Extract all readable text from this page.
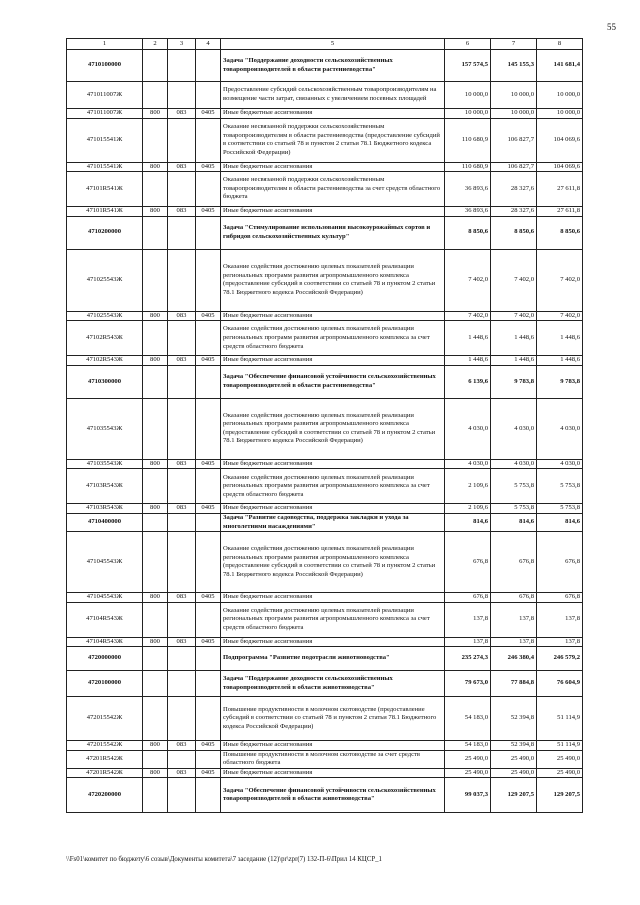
55
1	2	3	4	5	6	7	8
4710100000				Задача "Поддержание доходности сельскохозяйственных товаропроизводителей в области растениеводства"	157 574,5	145 155,3	141 681,4
471011007Ж				Предоставление субсидий сельскохозяйственным товаропроизводителям на возмещение части затрат, связанных с увеличением посевных площадей	10 000,0	10 000,0	10 000,0
471011007Ж	800	083	0405	Иные бюджетные ассигнования	10 000,0	10 000,0	10 000,0
471015541Ж				Оказание несвязанной поддержки сельскохозяйственным товаропроизводителям в области растениеводства (предоставление субсидий в соответствии со статьей 78 и пунктом 2 статьи 78.1 Бюджетного кодекса Российской Федерации)	110 680,9	106 827,7	104 069,6
471015541Ж	800	083	0405	Иные бюджетные ассигнования	110 680,9	106 827,7	104 069,6
47101R541Ж				Оказание несвязанной поддержки сельскохозяйственным товаропроизводителям в области растениеводства за счет средств областного бюджета	36 893,6	28 327,6	27 611,8
47101R541Ж	800	083	0405	Иные бюджетные ассигнования	36 893,6	28 327,6	27 611,8
4710200000				Задача "Стимулирование использования высокоурожайных сортов и гибридов сельскохозяйственных культур"	8 850,6	8 850,6	8 850,6
471025543Ж				Оказание содействия достижению целевых показателей реализации региональных программ развития агропромышленного комплекса (предоставление субсидий в соответствии со статьей 78 и пунктом 2 статьи 78.1 Бюджетного кодекса Российской Федерации)	7 402,0	7 402,0	7 402,0
471025543Ж	800	083	0405	Иные бюджетные ассигнования	7 402,0	7 402,0	7 402,0
47102R543Ж				Оказание содействия достижению целевых показателей реализации региональных программ развития агропромышленного комплекса за счет средств областного бюджета	1 448,6	1 448,6	1 448,6
47102R543Ж	800	083	0405	Иные бюджетные ассигнования	1 448,6	1 448,6	1 448,6
4710300000				Задача "Обеспечение финансовой устойчивости сельскохозяйственных товаропроизводителей в области растениеводства"	6 139,6	9 783,8	9 783,8
471035543Ж				Оказание содействия достижению целевых показателей реализации региональных программ развития агропромышленного комплекса (предоставление субсидий в соответствии со статьей 78 и пунктом 2 статьи 78.1 Бюджетного кодекса Российской Федерации)	4 030,0	4 030,0	4 030,0
471035543Ж	800	083	0405	Иные бюджетные ассигнования	4 030,0	4 030,0	4 030,0
47103R543Ж				Оказание содействия достижению целевых показателей реализации региональных программ развития агропромышленного комплекса за счет средств областного бюджета	2 109,6	5 753,8	5 753,8
47103R543Ж	800	083	0405	Иные бюджетные ассигнования	2 109,6	5 753,8	5 753,8
4710400000				Задача "Развитие садоводства, поддержка закладки и ухода за многолетними насаждениями"	814,6	814,6	814,6
471045543Ж				Оказание содействия достижению целевых показателей реализации региональных программ развития агропромышленного комплекса (предоставление субсидий в соответствии со статьей 78 и пунктом 2 статьи 78.1 Бюджетного кодекса Российской Федерации)	676,8	676,8	676,8
471045543Ж	800	083	0405	Иные бюджетные ассигнования	676,8	676,8	676,8
47104R543Ж				Оказание содействия достижению целевых показателей реализации региональных программ развития агропромышленного комплекса за счет средств областного бюджета	137,8	137,8	137,8
47104R543Ж	800	083	0405	Иные бюджетные ассигнования	137,8	137,8	137,8
4720000000				Подпрограмма "Развитие подотрасли животноводства"	235 274,3	246 380,4	246 579,2
4720100000				Задача "Поддержание доходности сельскохозяйственных товаропроизводителей в области животноводства"	79 673,0	77 884,8	76 604,9
472015542Ж				Повышение продуктивности в молочном скотоводстве (предоставление субсидий в соответствии со статьей 78 и пунктом 2 статьи 78.1 Бюджетного кодекса Российской Федерации)	54 183,0	52 394,8	51 114,9
472015542Ж	800	083	0405	Иные бюджетные ассигнования	54 183,0	52 394,8	51 114,9
47201R542Ж				Повышение продуктивности в молочном скотоводстве за счет средств областного бюджета	25 490,0	25 490,0	25 490,0
47201R542Ж	800	083	0405	Иные бюджетные ассигнования	25 490,0	25 490,0	25 490,0
4720200000				Задача "Обеспечение финансовой устойчивости сельскохозяйственных товаропроизводителей в области животноводства"	99 037,3	129 207,5	129 207,5
\\Fs01\комитет по бюджету\6 созыв\Документы комитета\7 заседание (12)\pr\zpr(7) 132-П-6\Прил 14 КЦСР_1
